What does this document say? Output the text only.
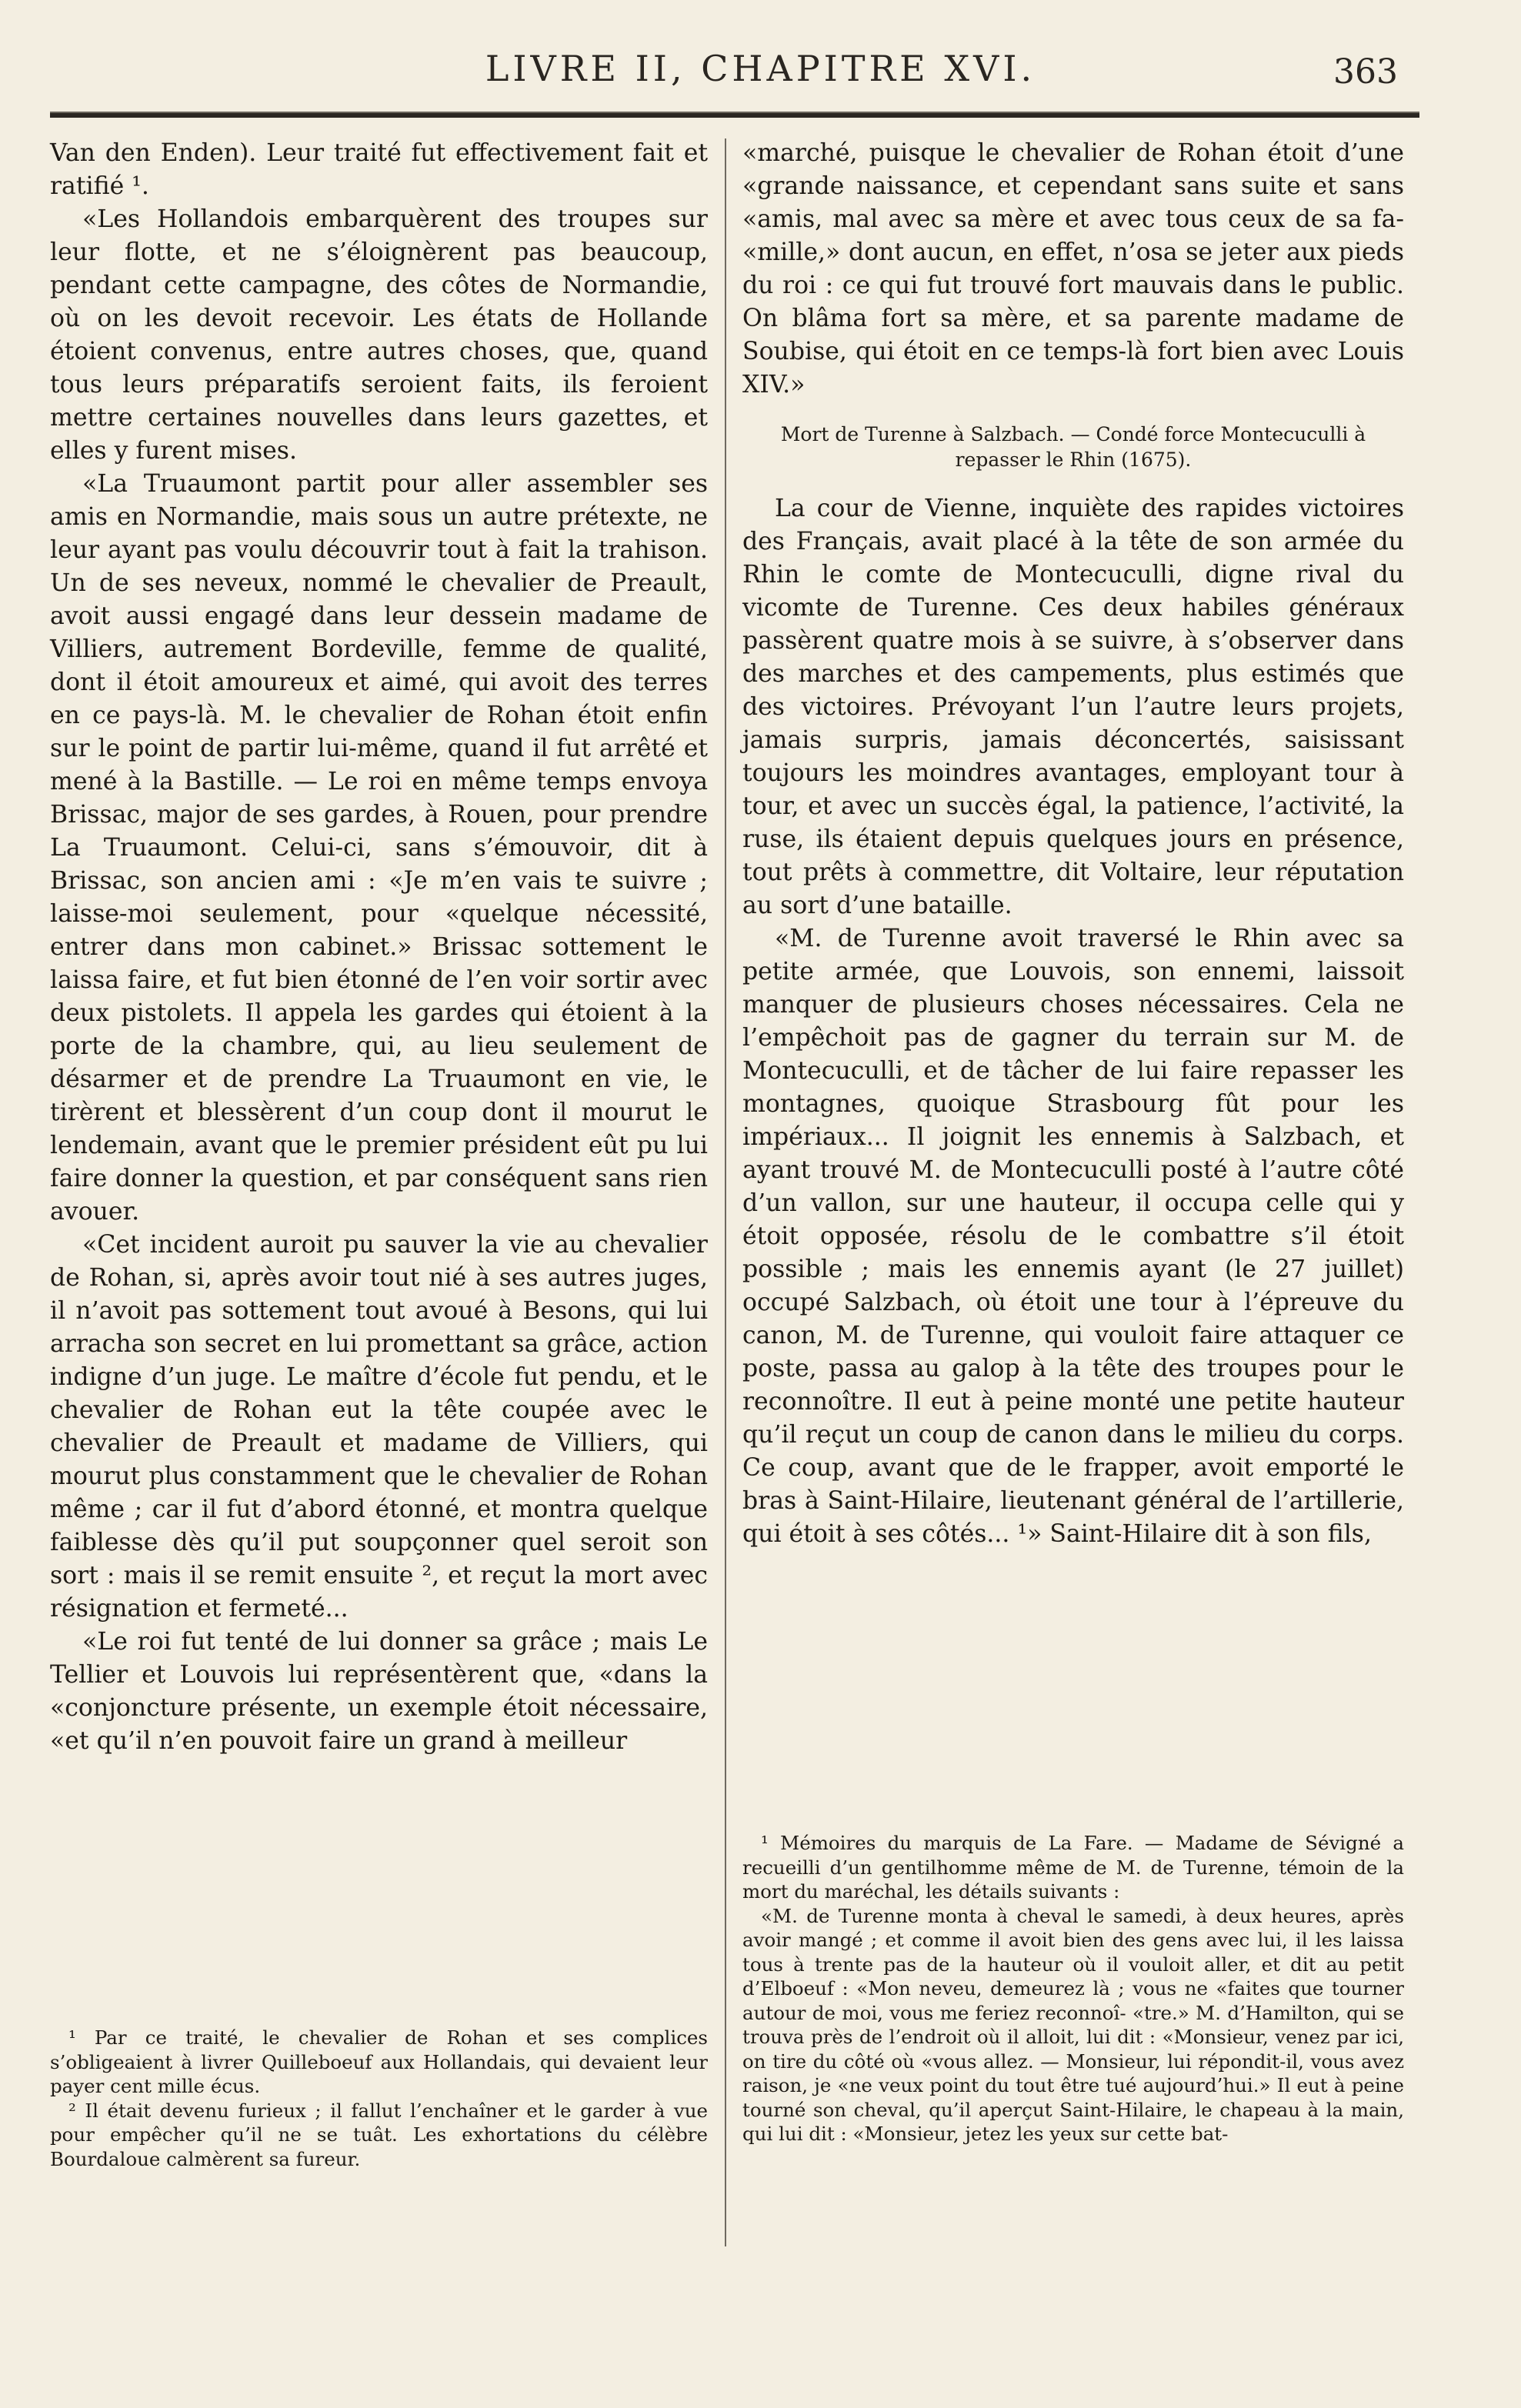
LIVRE II, CHAPITRE XVI.	363

Van den Enden). Leur traité fut effectivement fait et ratifié ¹.

«Les Hollandois embarquèrent des troupes sur leur flotte, et ne s’éloignèrent pas beaucoup, pendant cette campagne, des côtes de Normandie, où on les devoit recevoir. Les états de Hollande étoient convenus, entre autres choses, que, quand tous leurs préparatifs seroient faits, ils feroient mettre certaines nouvelles dans leurs gazettes, et elles y furent mises.

«La Truaumont partit pour aller assembler ses amis en Normandie, mais sous un autre prétexte, ne leur ayant pas voulu découvrir tout à fait la trahison. Un de ses neveux, nommé le chevalier de Preault, avoit aussi engagé dans leur dessein madame de Villiers, autrement Bordeville, femme de qualité, dont il étoit amoureux et aimé, qui avoit des terres en ce pays-là. M. le chevalier de Rohan étoit enfin sur le point de partir lui-même, quand il fut arrêté et mené à la Bastille. — Le roi en même temps envoya Brissac, major de ses gardes, à Rouen, pour prendre La Truaumont. Celui-ci, sans s’émouvoir, dit à Brissac, son ancien ami : «Je m’en vais te suivre ; laisse-moi seulement, pour «quelque nécessité, entrer dans mon cabinet.» Brissac sottement le laissa faire, et fut bien étonné de l’en voir sortir avec deux pistolets. Il appela les gardes qui étoient à la porte de la chambre, qui, au lieu seulement de désarmer et de prendre La Truaumont en vie, le tirèrent et blessèrent d’un coup dont il mourut le lendemain, avant que le premier président eût pu lui faire donner la question, et par conséquent sans rien avouer.

«Cet incident auroit pu sauver la vie au chevalier de Rohan, si, après avoir tout nié à ses autres juges, il n’avoit pas sottement tout avoué à Besons, qui lui arracha son secret en lui promettant sa grâce, action indigne d’un juge. Le maître d’école fut pendu, et le chevalier de Rohan eut la tête coupée avec le chevalier de Preault et madame de Villiers, qui mourut plus constamment que le chevalier de Rohan même ; car il fut d’abord étonné, et montra quelque faiblesse dès qu’il put soupçonner quel seroit son sort : mais il se remit ensuite ², et reçut la mort avec résignation et fermeté...

«Le roi fut tenté de lui donner sa grâce ; mais Le Tellier et Louvois lui représentèrent que, «dans la «conjoncture présente, un exemple étoit nécessaire, «et qu’il n’en pouvoit faire un grand à meilleur

¹ Par ce traité, le chevalier de Rohan et ses complices s’obligeaient à livrer Quilleboeuf aux Hollandais, qui devaient leur payer cent mille écus.

² Il était devenu furieux ; il fallut l’enchaîner et le garder à vue pour empêcher qu’il ne se tuât. Les exhortations du célèbre Bourdaloue calmèrent sa fureur.

«marché, puisque le chevalier de Rohan étoit d’une «grande naissance, et cependant sans suite et sans «amis, mal avec sa mère et avec tous ceux de sa fa- «mille,» dont aucun, en effet, n’osa se jeter aux pieds du roi : ce qui fut trouvé fort mauvais dans le public. On blâma fort sa mère, et sa parente madame de Soubise, qui étoit en ce temps-là fort bien avec Louis XIV.»

Mort de Turenne à Salzbach. — Condé force Montecuculli à repasser le Rhin (1675).

La cour de Vienne, inquiète des rapides victoires des Français, avait placé à la tête de son armée du Rhin le comte de Montecuculli, digne rival du vicomte de Turenne. Ces deux habiles généraux passèrent quatre mois à se suivre, à s’observer dans des marches et des campements, plus estimés que des victoires. Prévoyant l’un l’autre leurs projets, jamais surpris, jamais déconcertés, saisissant toujours les moindres avantages, employant tour à tour, et avec un succès égal, la patience, l’activité, la ruse, ils étaient depuis quelques jours en présence, tout prêts à commettre, dit Voltaire, leur réputation au sort d’une bataille.

«M. de Turenne avoit traversé le Rhin avec sa petite armée, que Louvois, son ennemi, laissoit manquer de plusieurs choses nécessaires. Cela ne l’empêchoit pas de gagner du terrain sur M. de Montecuculli, et de tâcher de lui faire repasser les montagnes, quoique Strasbourg fût pour les impériaux... Il joignit les ennemis à Salzbach, et ayant trouvé M. de Montecuculli posté à l’autre côté d’un vallon, sur une hauteur, il occupa celle qui y étoit opposée, résolu de le combattre s’il étoit possible ; mais les ennemis ayant (le 27 juillet) occupé Salzbach, où étoit une tour à l’épreuve du canon, M. de Turenne, qui vouloit faire attaquer ce poste, passa au galop à la tête des troupes pour le reconnoître. Il eut à peine monté une petite hauteur qu’il reçut un coup de canon dans le milieu du corps. Ce coup, avant que de le frapper, avoit emporté le bras à Saint-Hilaire, lieutenant général de l’artillerie, qui étoit à ses côtés... ¹» Saint-Hilaire dit à son fils,

¹ Mémoires du marquis de La Fare. — Madame de Sévigné a recueilli d’un gentilhomme même de M. de Turenne, témoin de la mort du maréchal, les détails suivants :

«M. de Turenne monta à cheval le samedi, à deux heures, après avoir mangé ; et comme il avoit bien des gens avec lui, il les laissa tous à trente pas de la hauteur où il vouloit aller, et dit au petit d’Elboeuf : «Mon neveu, demeurez là ; vous ne «faites que tourner autour de moi, vous me feriez reconnoî- «tre.» M. d’Hamilton, qui se trouva près de l’endroit où il alloit, lui dit : «Monsieur, venez par ici, on tire du côté où «vous allez. — Monsieur, lui répondit-il, vous avez raison, je «ne veux point du tout être tué aujourd’hui.» Il eut à peine tourné son cheval, qu’il aperçut Saint-Hilaire, le chapeau à la main, qui lui dit : «Monsieur, jetez les yeux sur cette bat-
